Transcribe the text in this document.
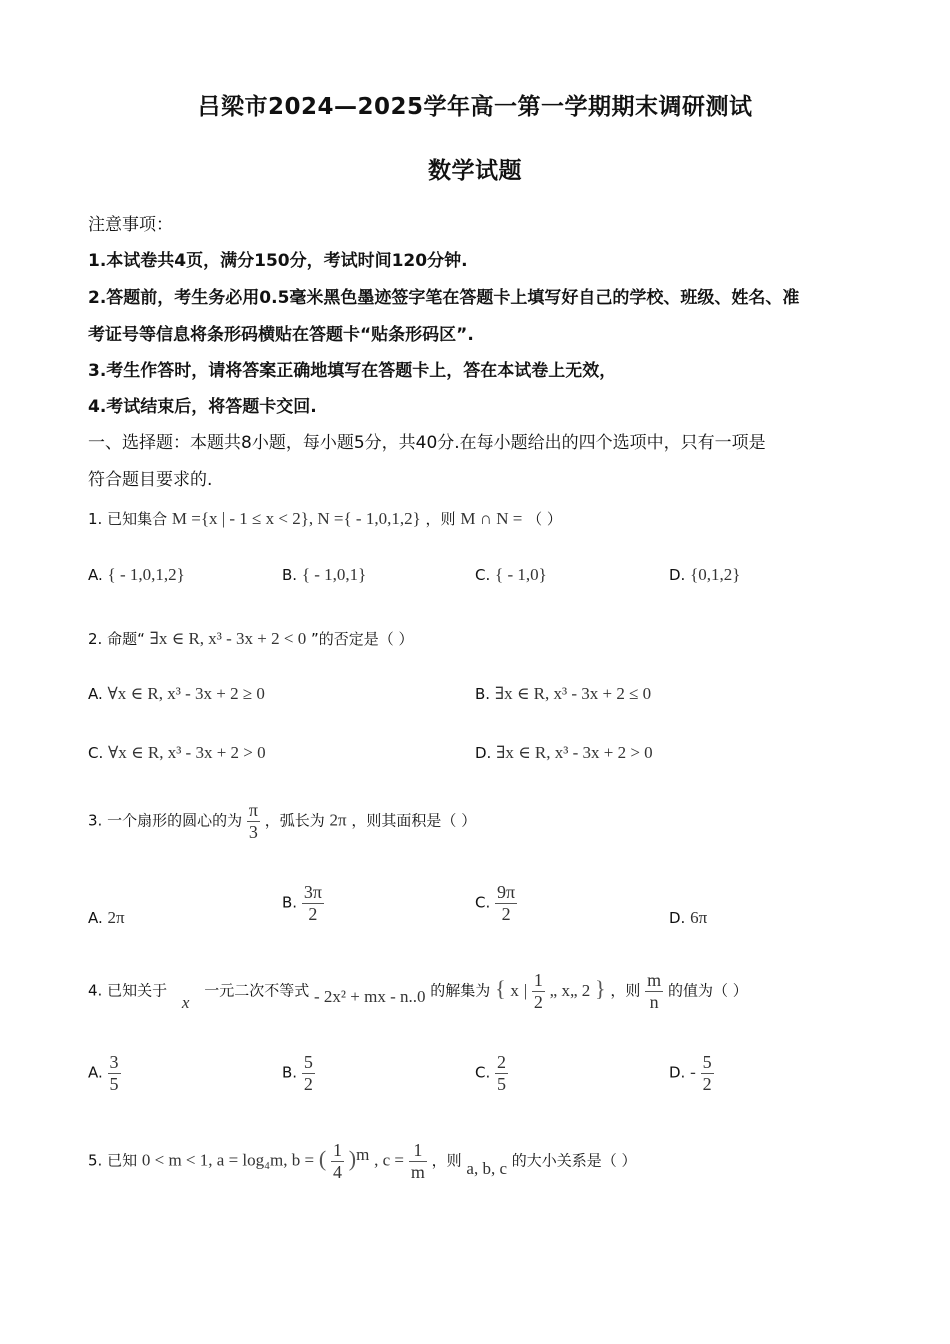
吕梁市2024—2025学年高一第一学期期末调研测试
数学试题
注意事项：
1.本试卷共4页，满分150分，考试时间120分钟.
2.答题前，考生务必用0.5毫米黑色墨迹签字笔在答题卡上填写好自己的学校、班级、姓名、准
考证号等信息将条形码横贴在答题卡“贴条形码区”.
3.考生作答时，请将答案正确地填写在答题卡上，答在本试卷上无效，
4.考试结束后，将答题卡交回.
一、选择题：本题共8小题，每小题5分，共40分.在每小题给出的四个选项中，只有一项是
符合题目要求的.
1. 已知集合 M ={x | - 1 ≤ x < 2}, N ={ - 1,0,1,2} ，则 M ∩ N = （ ）
A. { - 1,0,1,2}	B. { - 1,0,1}	C. { - 1,0}	D. {0,1,2}
2. 命题“ ∃x ∈ R, x³ - 3x + 2 < 0 ”的否定是（ ）
A. ∀x ∈ R, x³ - 3x + 2 ≥ 0	B. ∃x ∈ R, x³ - 3x + 2 ≤ 0
C. ∀x ∈ R, x³ - 3x + 2 > 0	D. ∃x ∈ R, x³ - 3x + 2 > 0
3. 一个扇形的圆心的为 $\frac{\pi}{3}$ ，弧长为 2π ，则其面积是（ ）
A. 2π
B. $\frac{3\pi}{2}$	C. $\frac{9\pi}{2}$	D. 6π
4. 已知关于 x 一元二次不等式 - 2x² + mx - n..0 的解集为 { x | $\frac{1}{2}$ „ x„ 2 } ，则 $\frac{m}{n}$ 的值为（ ）
A. $\frac{3}{5}$	B. $\frac{5}{2}$	C. $\frac{2}{5}$	D. - $\frac{5}{2}$
5. 已知 0 < m < 1, a = log₄m, b = ( $\frac{1}{4} )^m$ , $c = \frac{1}{m}$ ，则 a, b, c 的大小关系是（ ）
